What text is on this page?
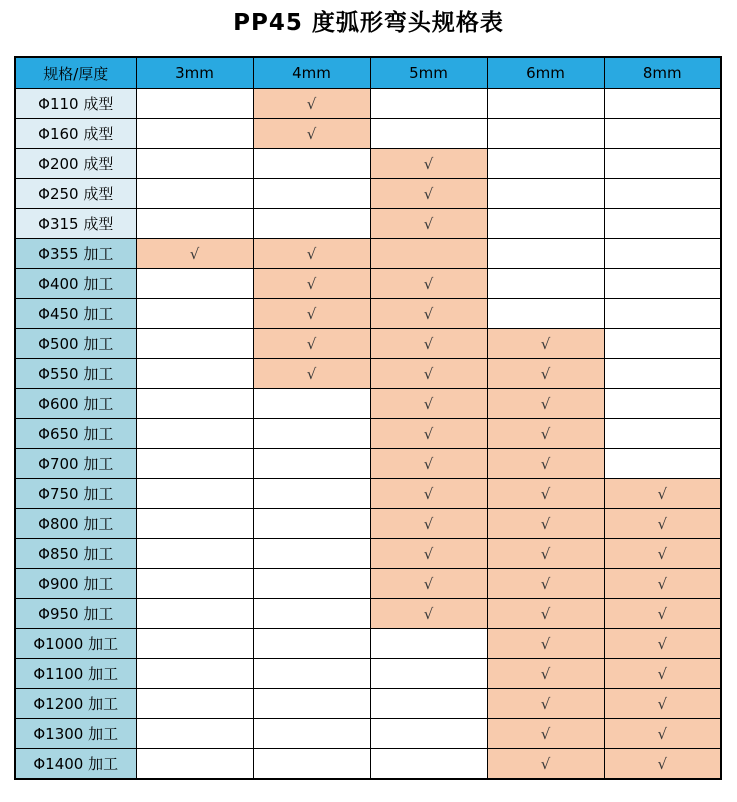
PP45 度弧形弯头规格表
规格/厚度	3mm	4mm	5mm	6mm	8mm
Φ110 成型		√			
Φ160 成型		√			
Φ200 成型			√		
Φ250 成型			√		
Φ315 成型			√		
Φ355 加工	√	√			
Φ400 加工		√	√		
Φ450 加工		√	√		
Φ500 加工		√	√	√	
Φ550 加工		√	√	√	
Φ600 加工			√	√	
Φ650 加工			√	√	
Φ700 加工			√	√	
Φ750 加工			√	√	√
Φ800 加工			√	√	√
Φ850 加工			√	√	√
Φ900 加工			√	√	√
Φ950 加工			√	√	√
Φ1000 加工				√	√
Φ1100 加工				√	√
Φ1200 加工				√	√
Φ1300 加工				√	√
Φ1400 加工				√	√
